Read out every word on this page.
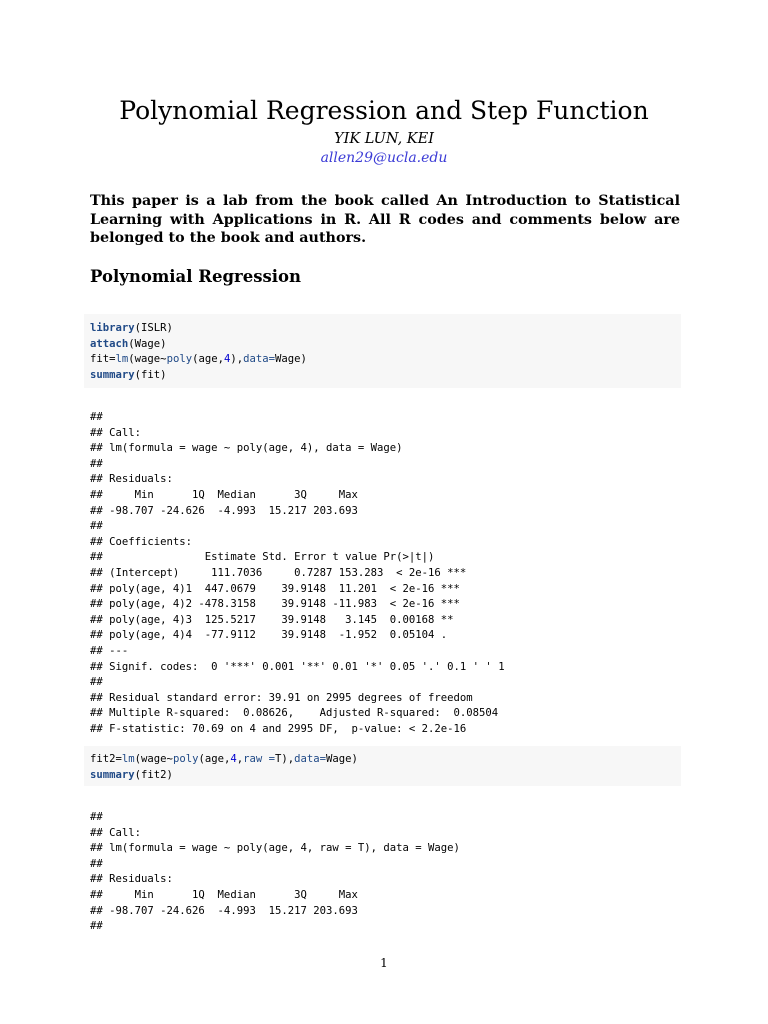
Polynomial Regression and Step Function

YIK LUN, KEI

allen29@ucla.edu

This paper is a lab from the book called An Introduction to Statistical Learning with Applications in R. All R codes and comments below are belonged to the book and authors.

Polynomial Regression
library(ISLR)
attach(Wage)
fit=lm(wage~poly(age,4),data=Wage)
summary(fit)
##
## Call:
## lm(formula = wage ~ poly(age, 4), data = Wage)
##
## Residuals:
##     Min      1Q  Median      3Q     Max
## -98.707 -24.626  -4.993  15.217 203.693
##
## Coefficients:
##                Estimate Std. Error t value Pr(>|t|)
## (Intercept)     111.7036     0.7287 153.283  < 2e-16 ***
## poly(age, 4)1  447.0679    39.9148  11.201  < 2e-16 ***
## poly(age, 4)2 -478.3158    39.9148 -11.983  < 2e-16 ***
## poly(age, 4)3  125.5217    39.9148   3.145  0.00168 **
## poly(age, 4)4  -77.9112    39.9148  -1.952  0.05104 .
## ---
## Signif. codes:  0 '***' 0.001 '**' 0.01 '*' 0.05 '.' 0.1 ' ' 1
##
## Residual standard error: 39.91 on 2995 degrees of freedom
## Multiple R-squared:  0.08626,    Adjusted R-squared:  0.08504
## F-statistic: 70.69 on 4 and 2995 DF,  p-value: < 2.2e-16
fit2=lm(wage~poly(age,4,raw =T),data=Wage)
summary(fit2)
##
## Call:
## lm(formula = wage ~ poly(age, 4, raw = T), data = Wage)
##
## Residuals:
##     Min      1Q  Median      3Q     Max
## -98.707 -24.626  -4.993  15.217 203.693
##

1
